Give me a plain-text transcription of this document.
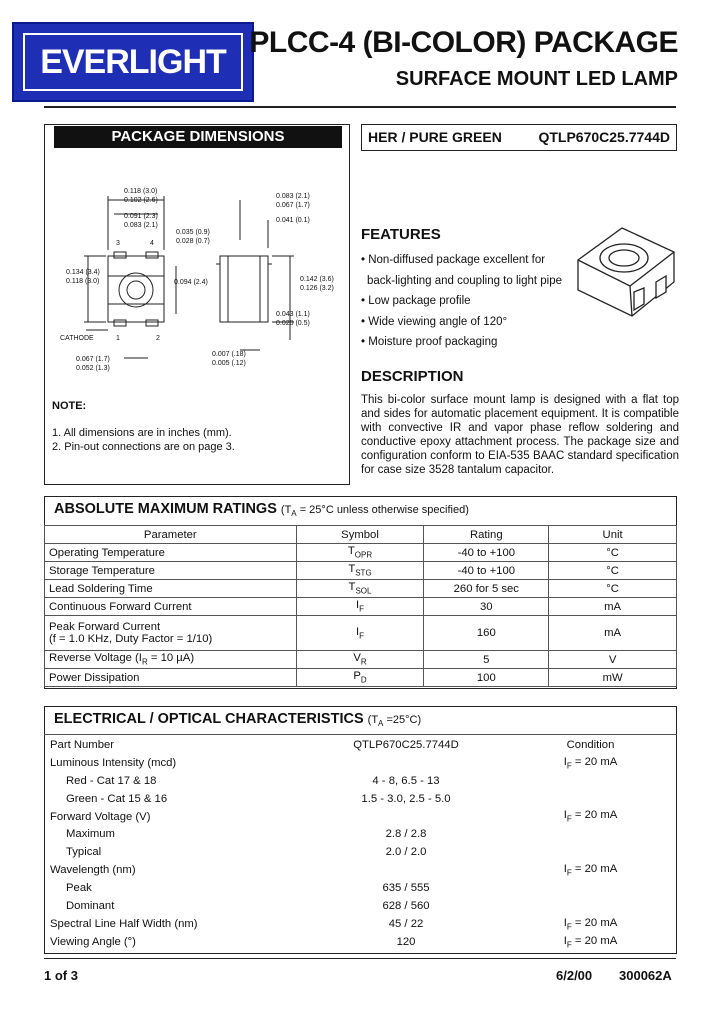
EVERLIGHT PLCC-4 (BI-COLOR) PACKAGE
SURFACE MOUNT LED LAMP
PACKAGE DIMENSIONS
0.118 (3.0)
0.102 (2.6)
0.091 (2.3)
0.083 (2.1)
0.035 (0.9)
0.028 (0.7)
0.083 (2.1)
0.067 (1.7)
0.041 (0.1)
0.134 (3.4)
0.118 (3.0)	0.094 (2.4)	0.142 (3.6)
0.126 (3.2)
0.043 (1.1)
0.020 (0.5)
0.067 (1.7)
0.052 (1.3)
0.007 (.18)
0.005 (.12)
3	4
1	2
CATHODE
NOTE:
1. All dimensions are in inches (mm).
2. Pin-out connections are on page 3.
HER / PURE GREEN	QTLP670C25.7744D
FEATURES
• Non-diffused package excellent for
back-lighting and coupling to light pipe
• Low package profile
• Wide viewing angle of 120°
• Moisture proof packaging
DESCRIPTION
This bi-color surface mount lamp is designed with a flat top and sides for automatic placement equipment. It is compatible with convective IR and vapor phase reflow soldering and conductive epoxy attachment process. The package size and configuration conform to EIA-535 BAAC standard specification for case size 3528 tantalum capacitor.
ABSOLUTE MAXIMUM RATINGS ($T_A = 25^\circ C$ unless otherwise specified)
Parameter	Symbol	Rating	Unit
Operating Temperature	$T_{OPR}$	-40 to +100	°C
Storage Temperature	$T_{STG}$	-40 to +100	°C
Lead Soldering Time	$T_{SOL}$	260 for 5 sec	°C
Continuous Forward Current	$I_F$	30	mA

Peak Forward Current
(f = 1.0 KHz, Duty Factor = 1/10)	$I_F$	160	mA
Reverse Voltage ($I_R = 10$ µA)	$V_R$	5	V
Power Dissipation	$P_D$	100	mW
ELECTRICAL / OPTICAL CHARACTERISTICS $(T_A =25^\circ C)$
Part Number	QTLP670C25.7744D	Condition
Luminous Intensity (mcd)		$I_F = 20$ mA
Red - Cat 17 & 18	4 - 8, 6.5 - 13	
Green - Cat 15 & 16	1.5 - 3.0, 2.5 - 5.0	
Forward Voltage (V)		$I_F = 20$ mA
Maximum	2.8 / 2.8	
Typical	2.0 / 2.0	
Wavelength (nm)		$I_F = 20$ mA
Peak	635 / 555	
Dominant	628 / 560	
Spectral Line Half Width (nm)	45 / 22	$I_F = 20$ mA
Viewing Angle (°)	120	$I_F = 20$ mA
1 of 3	6/2/00 300062A
